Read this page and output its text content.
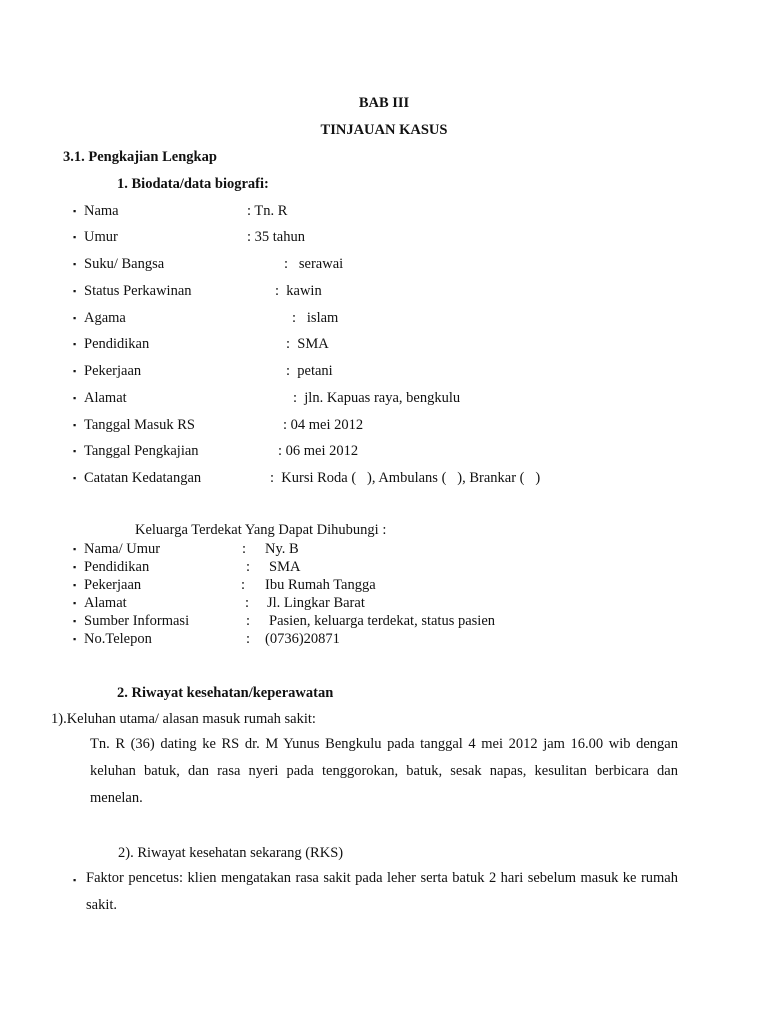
BAB III
TINJAUAN KASUS
3.1. Pengkajian Lengkap
1. Biodata/data biografi:
▪ Nama	: Tn. R
▪ Umur	: 35 tahun
▪ Suku/ Bangsa	:   serawai
▪ Status Perkawinan	:  kawin
▪ Agama	:   islam
▪ Pendidikan	:  SMA
▪ Pekerjaan	:  petani
▪ Alamat	:  jln. Kapuas raya, bengkulu
▪ Tanggal Masuk RS	: 04 mei 2012
▪ Tanggal Pengkajian	: 06 mei 2012
▪ Catatan Kedatangan	:  Kursi Roda (   ), Ambulans (   ), Brankar (   )
Keluarga Terdekat Yang Dapat Dihubungi :
▪ Nama/ Umur	: Ny. B
▪ Pendidikan	: SMA
▪ Pekerjaan	: Ibu Rumah Tangga
▪ Alamat	: Jl. Lingkar Barat
▪ Sumber Informasi	: Pasien, keluarga terdekat, status pasien
▪ No.Telepon	: (0736)20871
2. Riwayat kesehatan/keperawatan
1).Keluhan utama/ alasan masuk rumah sakit:
Tn. R (36) dating ke RS dr. M Yunus Bengkulu pada tanggal 4 mei 2012 jam 16.00 wib dengan keluhan batuk, dan rasa nyeri pada tenggorokan, batuk, sesak napas, kesulitan berbicara dan menelan.
2). Riwayat kesehatan sekarang (RKS)
▪ Faktor pencetus: klien mengatakan rasa sakit pada leher serta batuk 2 hari sebelum masuk ke rumah sakit.
